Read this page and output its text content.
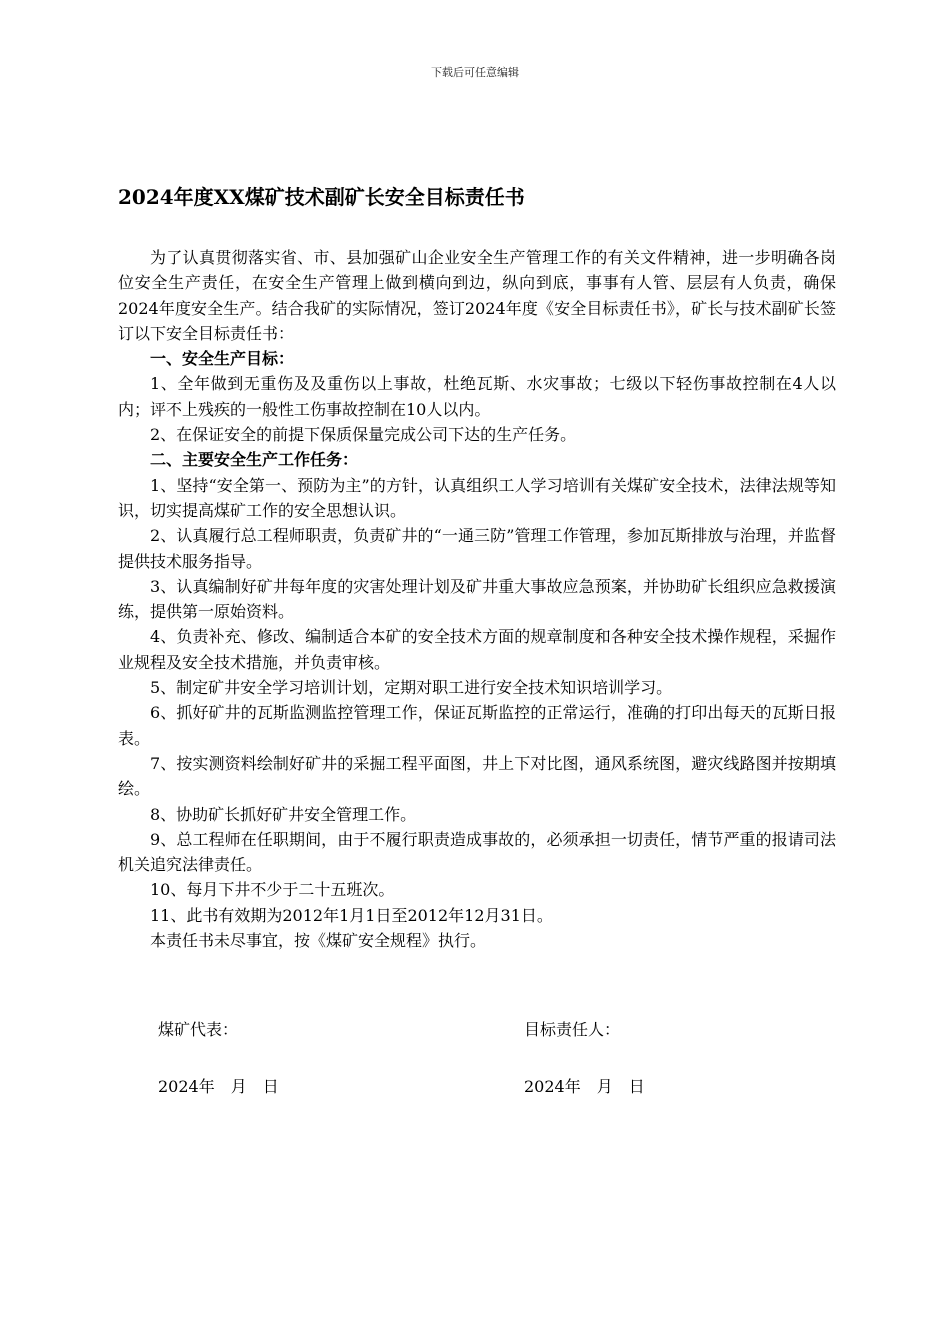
下载后可任意编辑
2024年度XX煤矿技术副矿长安全目标责任书

为了认真贯彻落实省、市、县加强矿山企业安全生产管理工作的有关文件精神，进一步明确各岗位安全生产责任，在安全生产管理上做到横向到边，纵向到底，事事有人管、层层有人负责，确保2024年度安全生产。结合我矿的实际情况，签订2024年度《安全目标责任书》，矿长与技术副矿长签订以下安全目标责任书：

一、安全生产目标：

1、全年做到无重伤及及重伤以上事故，杜绝瓦斯、水灾事故；七级以下轻伤事故控制在4人以内；评不上残疾的一般性工伤事故控制在10人以内。

2、在保证安全的前提下保质保量完成公司下达的生产任务。

二、主要安全生产工作任务：

1、坚持“安全第一、预防为主”的方针，认真组织工人学习培训有关煤矿安全技术，法律法规等知识，切实提高煤矿工作的安全思想认识。

2、认真履行总工程师职责，负责矿井的“一通三防”管理工作管理，参加瓦斯排放与治理，并监督提供技术服务指导。

3、认真编制好矿井每年度的灾害处理计划及矿井重大事故应急预案，并协助矿长组织应急救援演练，提供第一原始资料。

4、负责补充、修改、编制适合本矿的安全技术方面的规章制度和各种安全技术操作规程，采掘作业规程及安全技术措施，并负责审核。

5、制定矿井安全学习培训计划，定期对职工进行安全技术知识培训学习。

6、抓好矿井的瓦斯监测监控管理工作，保证瓦斯监控的正常运行，准确的打印出每天的瓦斯日报表。

7、按实测资料绘制好矿井的采掘工程平面图，井上下对比图，通风系统图，避灾线路图并按期填绘。

8、协助矿长抓好矿井安全管理工作。

9、总工程师在任职期间，由于不履行职责造成事故的，必须承担一切责任，情节严重的报请司法机关追究法律责任。

10、每月下井不少于二十五班次。

11、此书有效期为2012年1月1日至2012年12月31日。

本责任书未尽事宜，按《煤矿安全规程》执行。

煤矿代表：	目标责任人：
2024年　月　日	2024年　月　日
